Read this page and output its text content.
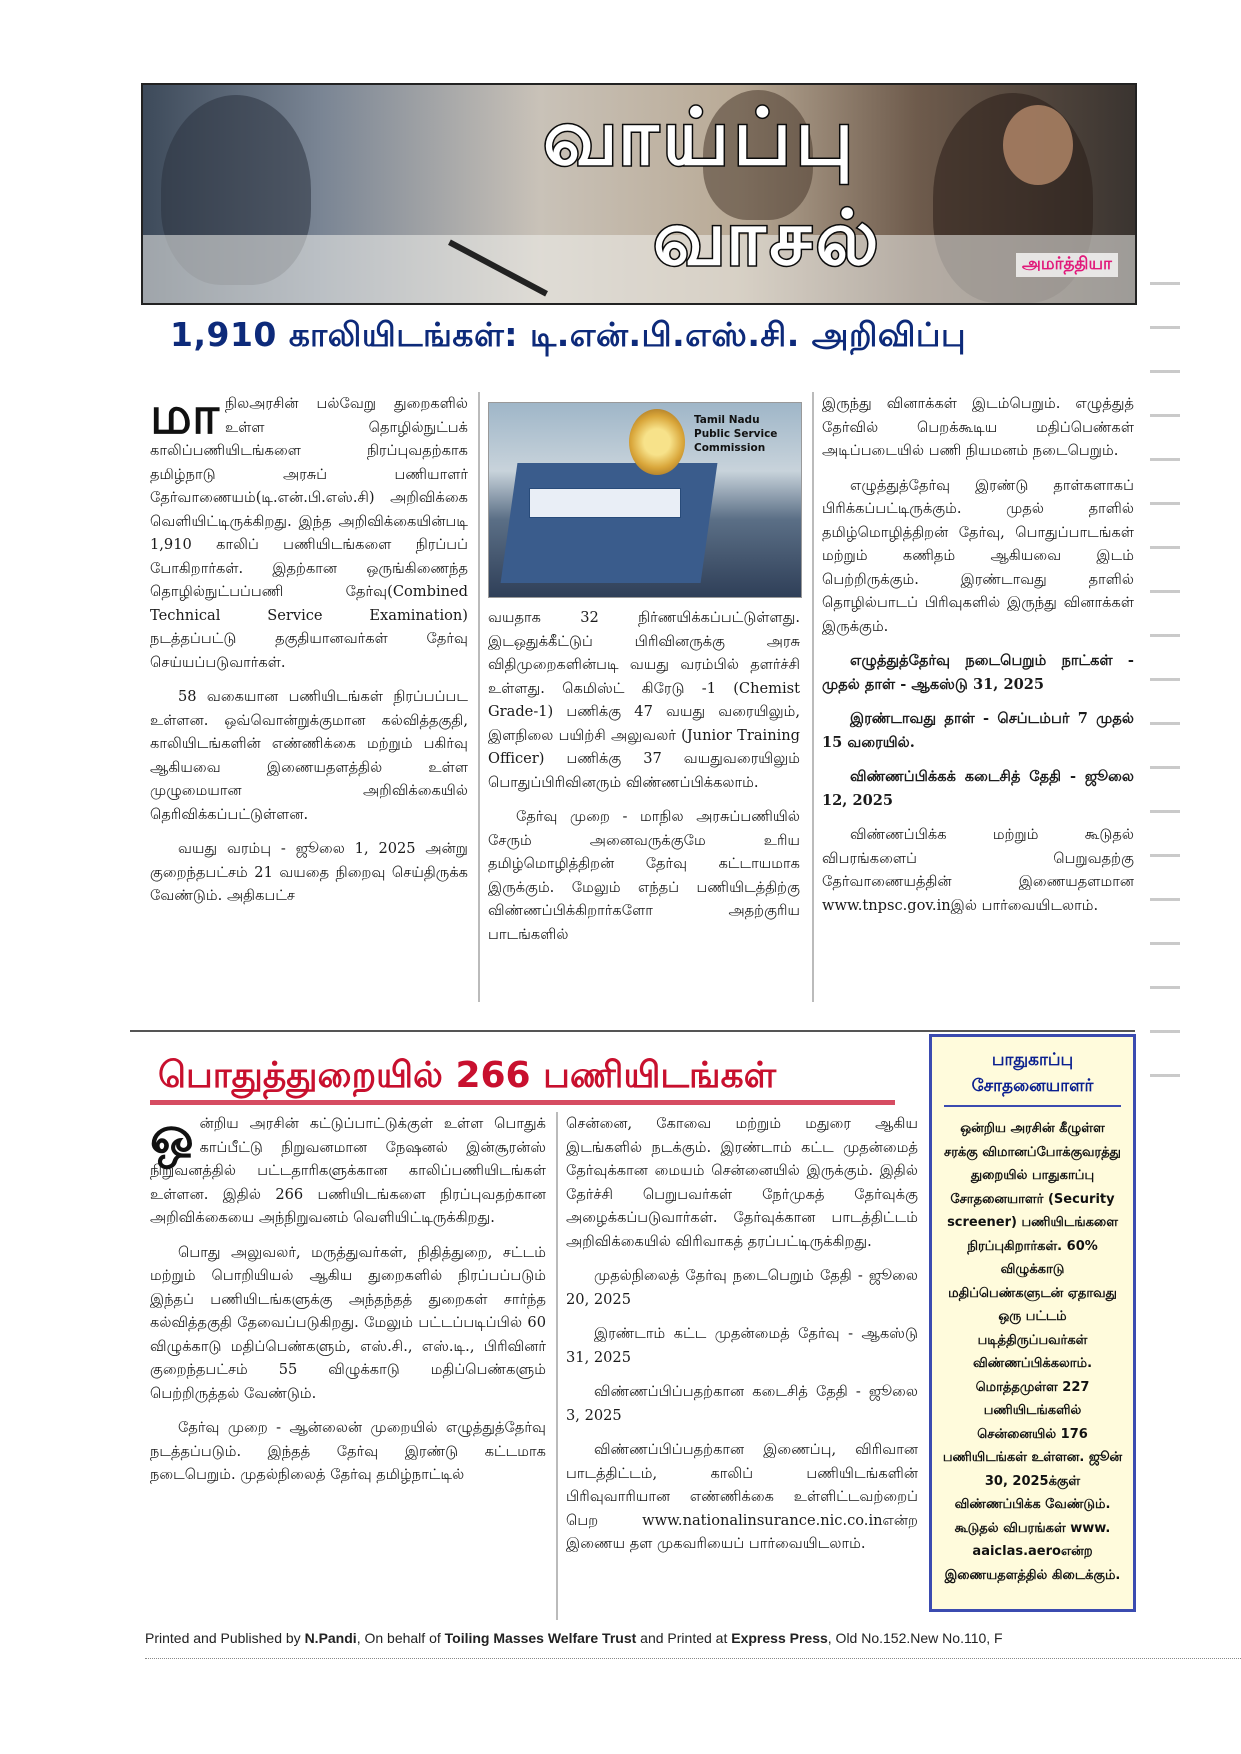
வாய்ப்பு
வாசல்	அமர்த்தியா
1,910 காலியிடங்கள்: டி.என்.பி.எஸ்.சி. அறிவிப்பு

மாநிலஅரசின் பல்வேறு துறைகளில் உள்ள தொழில்நுட்பக் காலிப்பணியிடங்களை நிரப்புவதற்காக தமிழ்நாடு அரசுப் பணியாளர் தேர்வாணையம்(டி.என்.பி.எஸ்.சி) அறிவிக்கை வெளியிட்டிருக்கிறது. இந்த அறிவிக்கையின்படி 1,910 காலிப் பணியிடங்களை நிரப்பப் போகிறார்கள். இதற்கான ஒருங்கிணைந்த தொழில்நுட்பப்பணி தேர்வு(Combined Technical Service Examination) நடத்தப்பட்டு தகுதியானவர்கள் தேர்வு செய்யப்படுவார்கள்.

58 வகையான பணியிடங்கள் நிரப்பப்பட உள்ளன. ஒவ்வொன்றுக்குமான கல்வித்தகுதி, காலியிடங்களின் எண்ணிக்கை மற்றும் பகிர்வு ஆகியவை இணையதளத்தில் உள்ள முழுமையான அறிவிக்கையில் தெரிவிக்கப்பட்டுள்ளன.

வயது வரம்பு - ஜூலை 1, 2025 அன்று குறைந்தபட்சம் 21 வயதை நிறைவு செய்திருக்க வேண்டும். அதிகபட்ச

Tamil Nadu Public Service Commission

வயதாக 32 நிர்ணயிக்கப்பட்டுள்ளது. இடஒதுக்கீட்டுப் பிரிவினருக்கு அரசு விதிமுறைகளின்படி வயது வரம்பில் தளர்ச்சி உள்ளது. கெமிஸ்ட் கிரேடு -1 (Chemist Grade-1) பணிக்கு 47 வயது வரையிலும், இளநிலை பயிற்சி அலுவலர் (Junior Training Officer) பணிக்கு 37 வயதுவரையிலும் பொதுப்பிரிவினரும் விண்ணப்பிக்கலாம்.

தேர்வு முறை - மாநில அரசுப்பணியில் சேரும் அனைவருக்குமே உரிய தமிழ்மொழித்திறன் தேர்வு கட்டாயமாக இருக்கும். மேலும் எந்தப் பணியிடத்திற்கு விண்ணப்பிக்கிறார்களோ அதற்குரிய பாடங்களில்

இருந்து வினாக்கள் இடம்பெறும். எழுத்துத் தேர்வில் பெறக்கூடிய மதிப்பெண்கள் அடிப்படையில் பணி நியமனம் நடைபெறும்.

எழுத்துத்தேர்வு இரண்டு தாள்களாகப் பிரிக்கப்பட்டிருக்கும். முதல் தாளில் தமிழ்மொழித்திறன் தேர்வு, பொதுப்பாடங்கள் மற்றும் கணிதம் ஆகியவை இடம் பெற்றிருக்கும். இரண்டாவது தாளில் தொழில்பாடப் பிரிவுகளில் இருந்து வினாக்கள் இருக்கும்.

எழுத்துத்தேர்வு நடைபெறும் நாட்கள் - முதல் தாள் - ஆகஸ்டு 31, 2025

இரண்டாவது தாள் - செப்டம்பர் 7 முதல் 15 வரையில்.

விண்ணப்பிக்கக் கடைசித் தேதி - ஜூலை 12, 2025

விண்ணப்பிக்க மற்றும் கூடுதல் விபரங்களைப் பெறுவதற்கு தேர்வாணையத்தின் இணையதளமான www.tnpsc.gov.inஇல் பார்வையிடலாம்.

பொதுத்துறையில் 266 பணியிடங்கள்

ஒன்றிய அரசின் கட்டுப்பாட்டுக்குள் உள்ள பொதுக் காப்பீட்டு நிறுவனமான நேஷனல் இன்சூரன்ஸ் நிறுவனத்தில் பட்டதாரிகளுக்கான காலிப்பணியிடங்கள் உள்ளன. இதில் 266 பணியிடங்களை நிரப்புவதற்கான அறிவிக்கையை அந்நிறுவனம் வெளியிட்டிருக்கிறது.

பொது அலுவலர், மருத்துவர்கள், நிதித்துறை, சட்டம் மற்றும் பொறியியல் ஆகிய துறைகளில் நிரப்பப்படும் இந்தப் பணியிடங்களுக்கு அந்தந்தத் துறைகள் சார்ந்த கல்வித்தகுதி தேவைப்படுகிறது. மேலும் பட்டப்படிப்பில் 60 விழுக்காடு மதிப்பெண்களும், எஸ்.சி., எஸ்.டி., பிரிவினர் குறைந்தபட்சம் 55 விழுக்காடு மதிப்பெண்களும் பெற்றிருத்தல் வேண்டும்.

தேர்வு முறை - ஆன்லைன் முறையில் எழுத்துத்தேர்வு நடத்தப்படும். இந்தத் தேர்வு இரண்டு கட்டமாக நடைபெறும். முதல்நிலைத் தேர்வு தமிழ்நாட்டில்

சென்னை, கோவை மற்றும் மதுரை ஆகிய இடங்களில் நடக்கும். இரண்டாம் கட்ட முதன்மைத் தேர்வுக்கான மையம் சென்னையில் இருக்கும். இதில் தேர்ச்சி பெறுபவர்கள் நேர்முகத் தேர்வுக்கு அழைக்கப்படுவார்கள். தேர்வுக்கான பாடத்திட்டம் அறிவிக்கையில் விரிவாகத் தரப்பட்டிருக்கிறது.

முதல்நிலைத் தேர்வு நடைபெறும் தேதி - ஜூலை 20, 2025

இரண்டாம் கட்ட முதன்மைத் தேர்வு - ஆகஸ்டு 31, 2025

விண்ணப்பிப்பதற்கான கடைசித் தேதி - ஜூலை 3, 2025

விண்ணப்பிப்பதற்கான இணைப்பு, விரிவான பாடத்திட்டம், காலிப் பணியிடங்களின் பிரிவுவாரியான எண்ணிக்கை உள்ளிட்டவற்றைப் பெற www.nationalinsurance.nic.co.inஎன்ற இணைய தள முகவரியைப் பார்வையிடலாம்.

பாதுகாப்பு
சோதனையாளர்
ஒன்றிய அரசின் கீழுள்ள சரக்கு விமானப்போக்குவரத்து துறையில் பாதுகாப்பு சோதனையாளர் (Security screener) பணியிடங்களை நிரப்புகிறார்கள். 60% விழுக்காடு மதிப்பெண்களுடன் ஏதாவது ஒரு பட்டம் படித்திருப்பவர்கள் விண்ணப்பிக்கலாம். மொத்தமுள்ள 227 பணியிடங்களில் சென்னையில் 176 பணியிடங்கள் உள்ளன. ஜூன் 30, 2025க்குள் விண்ணப்பிக்க வேண்டும். கூடுதல் விபரங்கள் www. aaiclas.aeroஎன்ற இணையதளத்தில் கிடைக்கும்.
Printed and Published by N.Pandi, On behalf of Toiling Masses Welfare Trust and Printed at Express Press, Old No.152.New No.110, F
